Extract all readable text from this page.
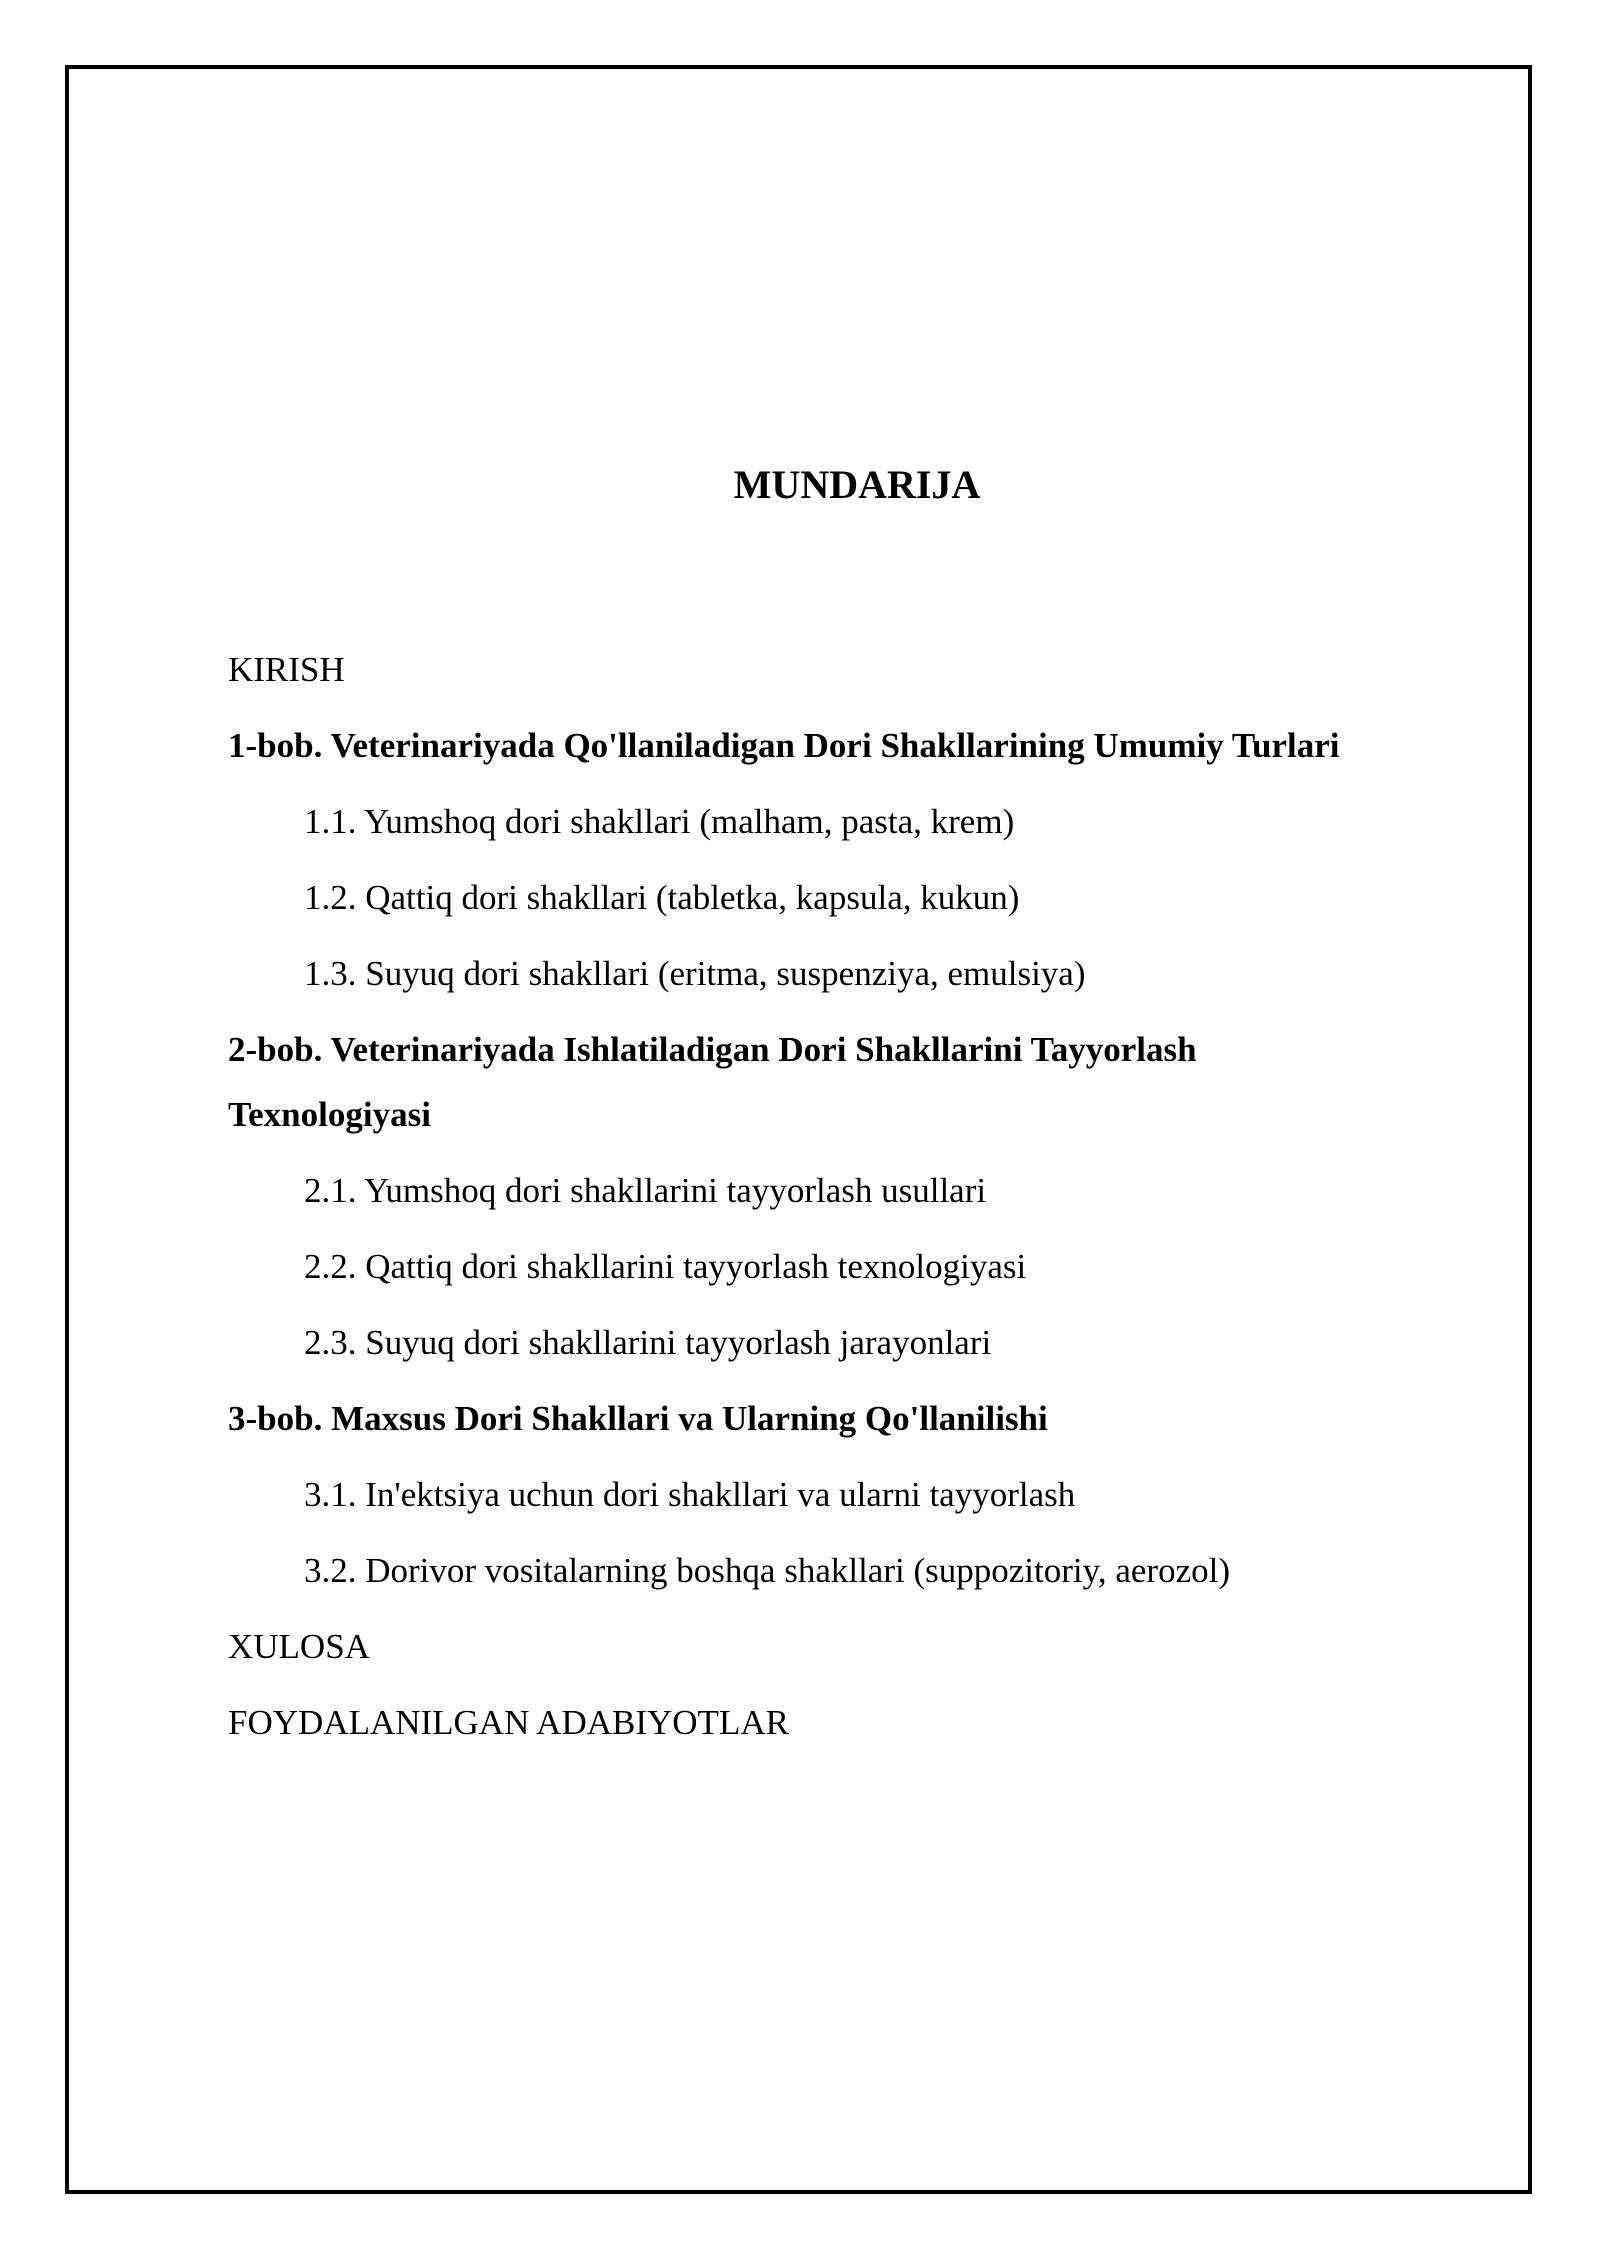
MUNDARIJA
KIRISH
1-bob. Veterinariyada Qo'llaniladigan Dori Shakllarining Umumiy Turlari
1.1. Yumshoq dori shakllari (malham, pasta, krem)
1.2. Qattiq dori shakllari (tabletka, kapsula, kukun)
1.3. Suyuq dori shakllari (eritma, suspenziya, emulsiya)
2-bob. Veterinariyada Ishlatiladigan Dori Shakllarini Tayyorlash Texnologiyasi
2.1. Yumshoq dori shakllarini tayyorlash usullari
2.2. Qattiq dori shakllarini tayyorlash texnologiyasi
2.3. Suyuq dori shakllarini tayyorlash jarayonlari
3-bob. Maxsus Dori Shakllari va Ularning Qo'llanilishi
3.1. In'ektsiya uchun dori shakllari va ularni tayyorlash
3.2. Dorivor vositalarning boshqa shakllari (suppozitoriy, aerozol)
XULOSA
FOYDALANILGAN ADABIYOTLAR
